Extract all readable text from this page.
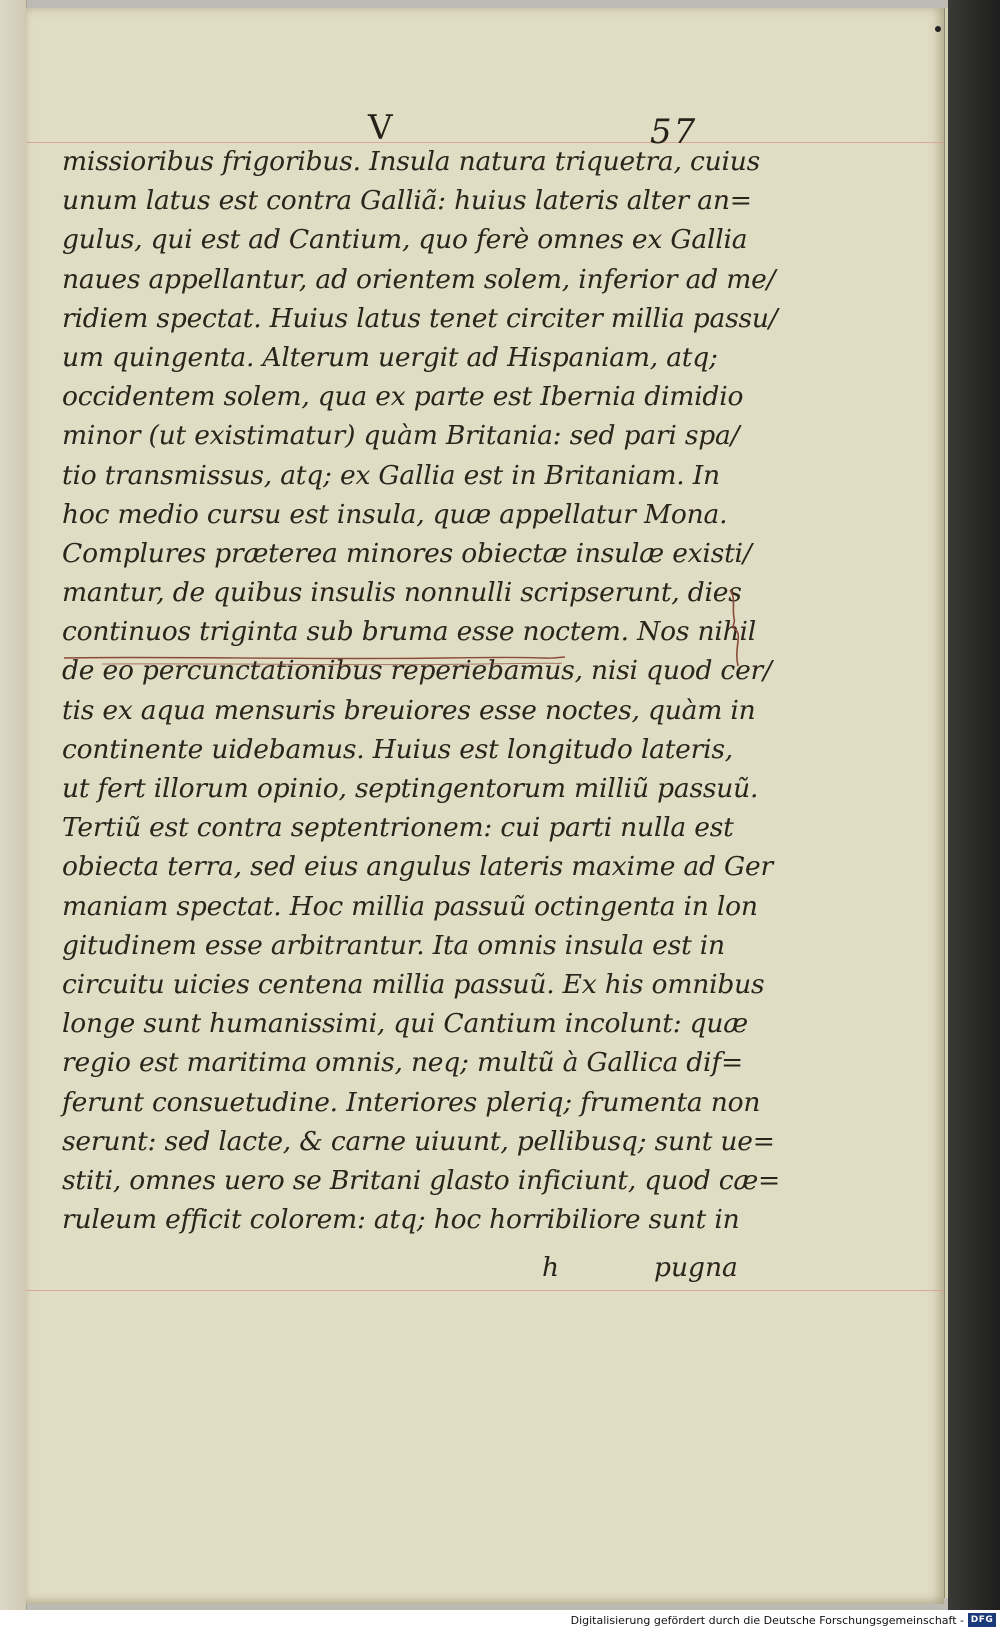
V	57
missioribus frigoribus. Insula natura triquetra, cuius
unum latus est contra Galliã: huius lateris alter an=
gulus, qui est ad Cantium, quo ferè omnes ex Gallia
naues appellantur, ad orientem solem, inferior ad me/
ridiem spectat. Huius latus tenet circiter millia passu/
um quingenta. Alterum uergit ad Hispaniam, atq;
occidentem solem, qua ex parte est Ibernia dimidio
minor (ut existimatur) quàm Britania: sed pari spa/
tio transmissus, atq; ex Gallia est in Britaniam. In
hoc medio cursu est insula, quæ appellatur Mona.
Complures præterea minores obiectæ insulæ existi/
mantur, de quibus insulis nonnulli scripserunt, dies
continuos triginta sub bruma esse noctem. Nos nihil
de eo percunctationibus reperiebamus, nisi quod cer/
tis ex aqua mensuris breuiores esse noctes, quàm in
continente uidebamus. Huius est longitudo lateris,
ut fert illorum opinio, septingentorum milliũ passuũ.
Tertiũ est contra septentrionem: cui parti nulla est
obiecta terra, sed eius angulus lateris maxime ad Ger
maniam spectat. Hoc millia passuũ octingenta in lon
gitudinem esse arbitrantur. Ita omnis insula est in
circuitu uicies centena millia passuũ. Ex his omnibus
longe sunt humanissimi, qui Cantium incolunt: quæ
regio est maritima omnis, neq; multũ à Gallica dif=
ferunt consuetudine. Interiores pleriq; frumenta non
serunt: sed lacte, & carne uiuunt, pellibusq; sunt ue=
stiti, omnes uero se Britani glasto inficiunt, quod cæ=
ruleum efficit colorem: atq; hoc horribiliore sunt in
h	pugna
Digitalisierung gefördert durch die Deutsche Forschungsgemeinschaft - DFG
